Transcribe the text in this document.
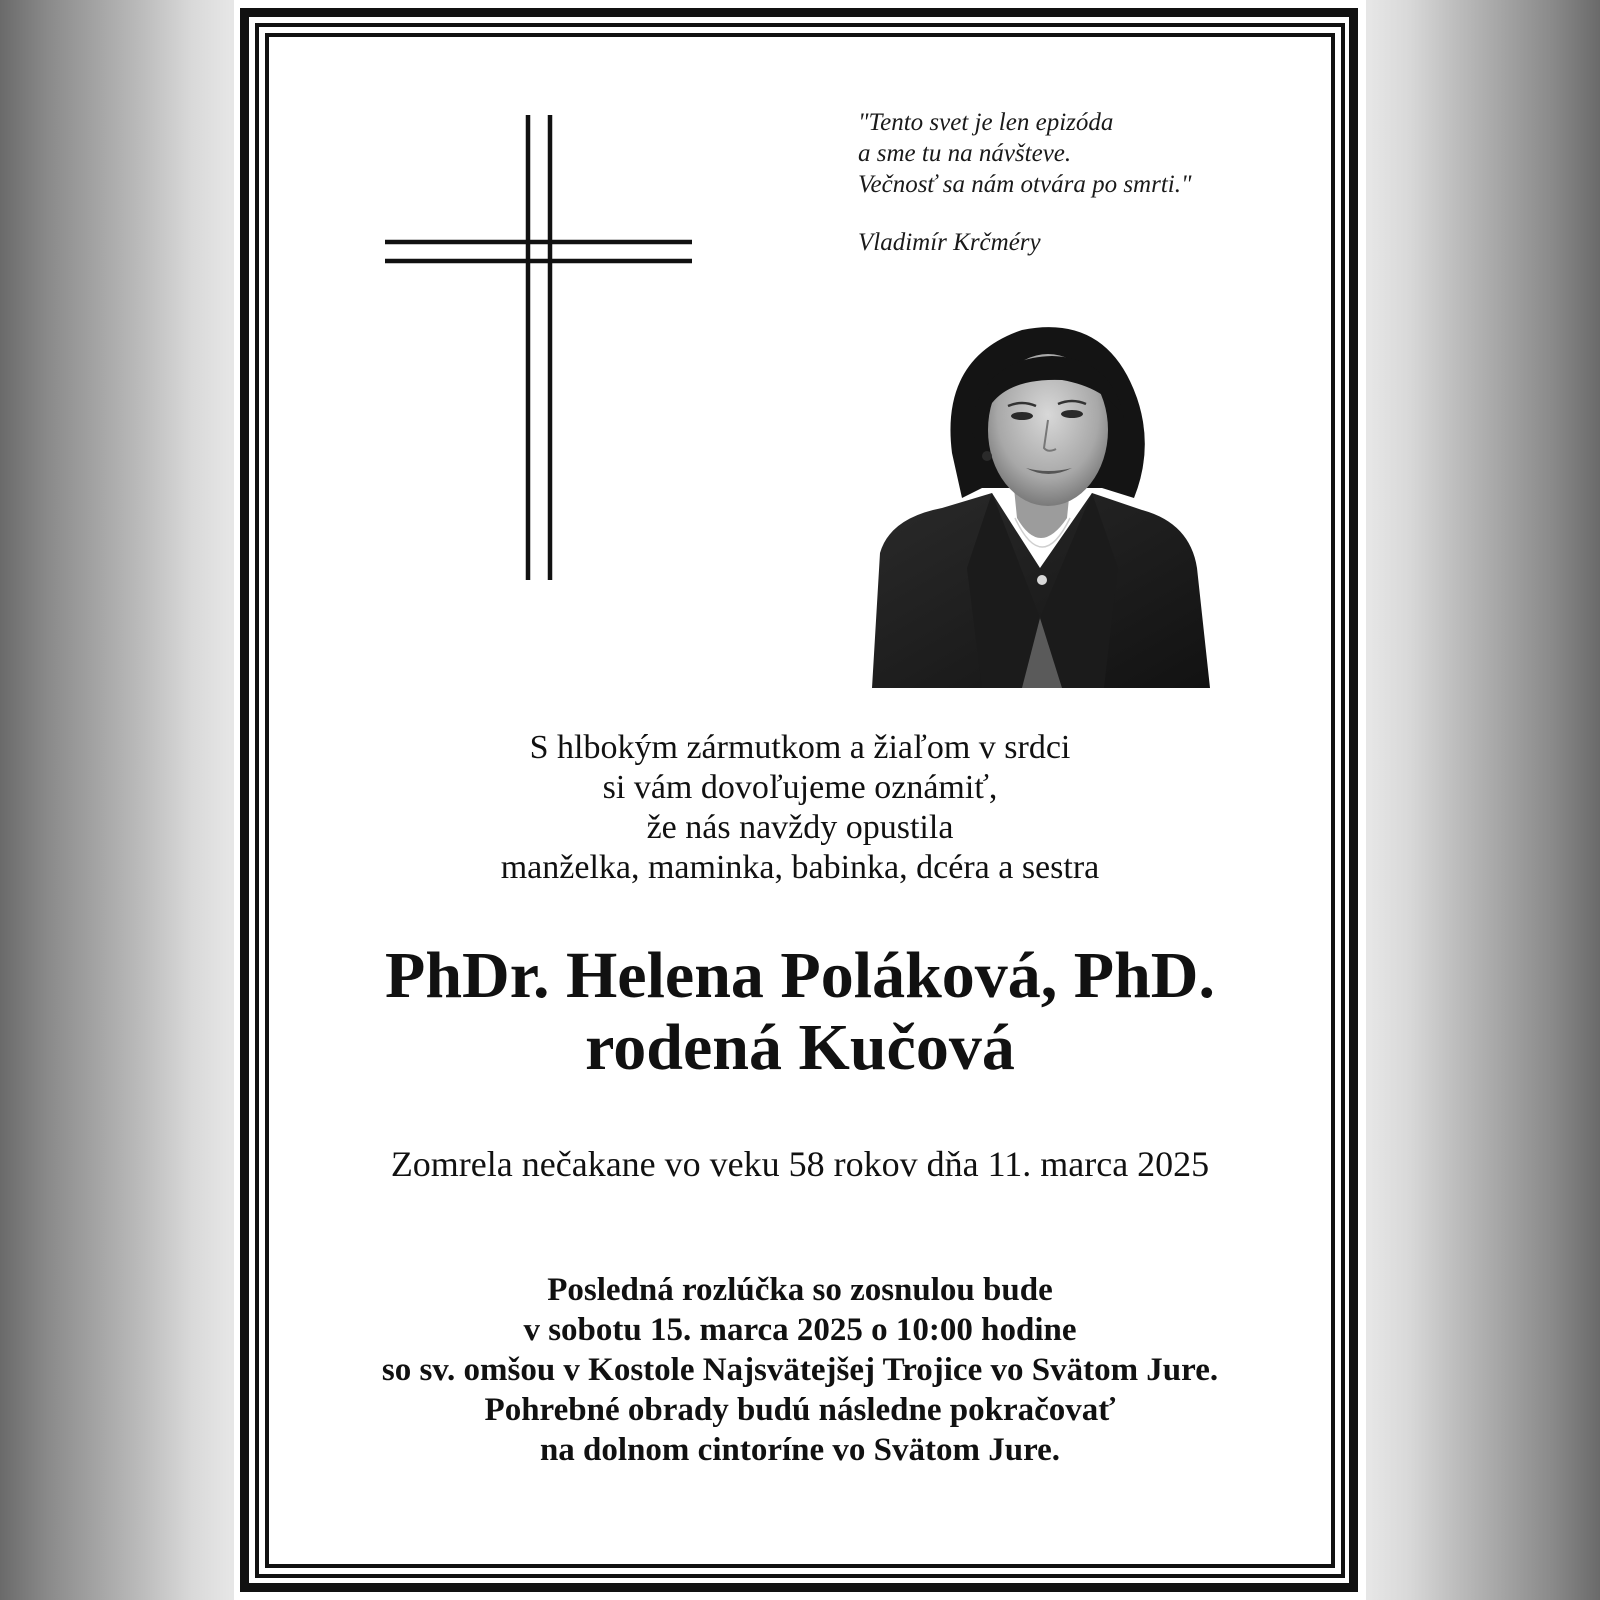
"Tento svet je len epizóda
a sme tu na návšteve.
Večnosť sa nám otvára po smrti."
Vladimír Krčméry
S hlbokým zármutkom a žiaľom v srdci
si vám dovoľujeme oznámiť,
že nás navždy opustila
manželka, maminka, babinka, dcéra a sestra
PhDr. Helena Poláková, PhD.
rodená Kučová
Zomrela nečakane vo veku 58 rokov dňa 11. marca 2025
Posledná rozlúčka so zosnulou bude
v sobotu 15. marca 2025 o 10:00 hodine
so sv. omšou v Kostole Najsvätejšej Trojice vo Svätom Jure.
Pohrebné obrady budú následne pokračovať
na dolnom cintoríne vo Svätom Jure.
